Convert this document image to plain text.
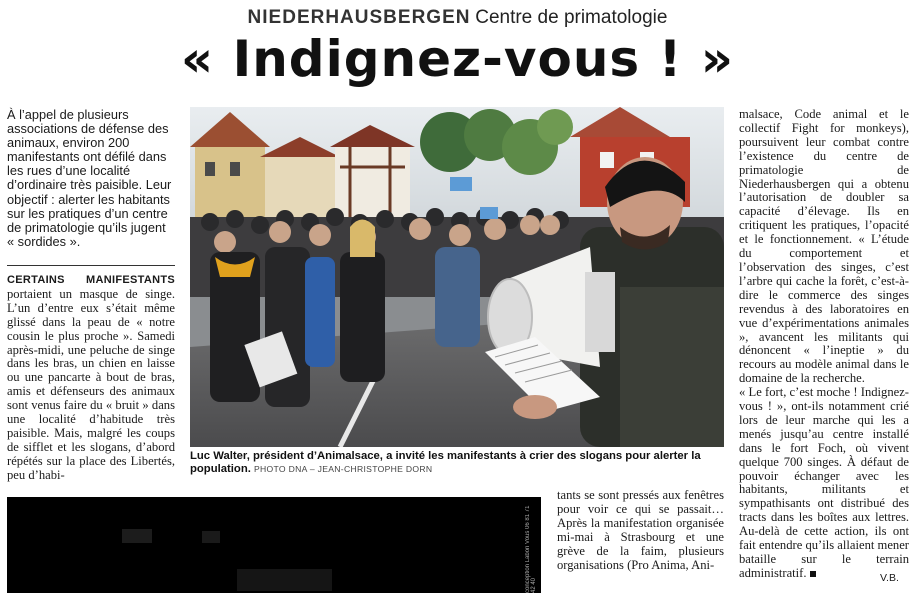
NIEDERHAUSBERGEN Centre de primatologie
« Indignez-vous ! »
À l’appel de plusieurs associations de défense des animaux, environ 200 manifestants ont défilé dans les rues d’une localité d’ordinaire très paisible. Leur objectif : alerter les habitants sur les pratiques d’un centre de primatologie qu’ils jugent « sordides ».

CERTAINS MANIFESTANTS portaient un masque de singe. L’un d’entre eux s’était même glissé dans la peau de « notre cousin le plus proche ». Samedi après-midi, une peluche de singe dans les bras, un chien en laisse ou une pancarte à bout de bras, amis et défenseurs des animaux sont venus faire du « bruit » dans une localité d’habitude très paisible. Mais, malgré les coups de sifflet et les slogans, d’abord répétés sur la place des Libertés, peu d’habi-

Luc Walter, président d’Animalsace, a invité les manifestants à crier des slogans pour alerter la population. PHOTO DNA – JEAN-CHRISTOPHE DORN

malsace, Code animal et le collectif Fight for monkeys), poursuivent leur combat contre l’existence du centre de primatologie de Niederhausbergen qui a obtenu l’autorisation de doubler sa capacité d’élevage. Ils en critiquent les pratiques, l’opacité et le fonctionnement. « L’étude du comportement et l’observation des singes, c’est l’arbre qui cache la forêt, c’est-à-dire le commerce des singes revendus à des laboratoires en vue d’expérimentations animales », avancent les militants qui dénoncent « l’ineptie » du recours au modèle animal dans le domaine de la recherche.

« Le fort, c’est moche ! Indignez-vous ! », ont-ils notamment crié lors de leur marche qui les a menés jusqu’au centre installé dans le fort Foch, où vivent quelque 700 singes. À défaut de pouvoir échanger avec les habitants, militants et sympathisants ont distribué des tracts dans les boîtes aux lettres. Au-delà de cette action, ils ont fait entendre qu’ils allaient mener bataille sur le terrain administratif.	V.B.
tants se sont pressés aux fenêtres pour voir ce qui se passait… Après la manifestation organisée mi-mai à Strasbourg et une grève de la faim, plusieurs organisations (Pro Anima, Ani-
conception Labon Vous 06 81 71 42 40
